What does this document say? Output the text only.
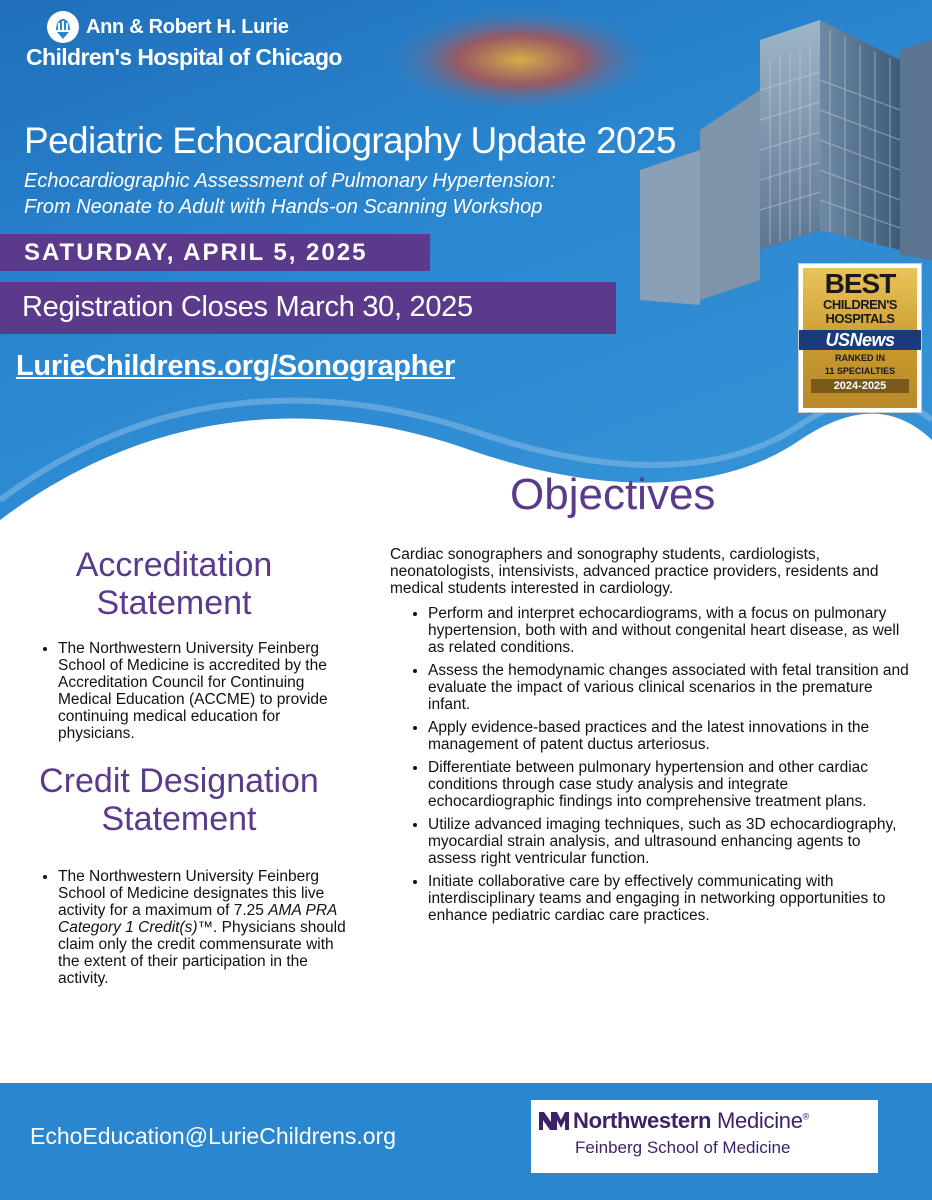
Ann & Robert H. Lurie
Children's Hospital of Chicago
Pediatric Echocardiography Update 2025
Echocardiographic Assessment of Pulmonary Hypertension:
From Neonate to Adult with Hands-on Scanning Workshop
SATURDAY, APRIL 5, 2025
Registration Closes March 30, 2025
LurieChildrens.org/Sonographer
BEST
CHILDREN'S
HOSPITALS
USNews
RANKED IN
11 SPECIALTIES
2024-2025
Objectives
Accreditation Statement
• The Northwestern University Feinberg School of Medicine is accredited by the Accreditation Council for Continuing Medical Education (ACCME) to provide continuing medical education for physicians.
Credit Designation Statement
• The Northwestern University Feinberg School of Medicine designates this live activity for a maximum of 7.25 AMA PRA Category 1 Credit(s)™. Physicians should claim only the credit commensurate with the extent of their participation in the activity.
Cardiac sonographers and sonography students, cardiologists, neonatologists, intensivists, advanced practice providers, residents and medical students interested in cardiology.
• Perform and interpret echocardiograms, with a focus on pulmonary hypertension, both with and without congenital heart disease, as well as related conditions.
• Assess the hemodynamic changes associated with fetal transition and evaluate the impact of various clinical scenarios in the premature infant.
• Apply evidence-based practices and the latest innovations in the management of patent ductus arteriosus.
• Differentiate between pulmonary hypertension and other cardiac conditions through case study analysis and integrate echocardiographic findings into comprehensive treatment plans.
• Utilize advanced imaging techniques, such as 3D echocardiography, myocardial strain analysis, and ultrasound enhancing agents to assess right ventricular function.
• Initiate collaborative care by effectively communicating with interdisciplinary teams and engaging in networking opportunities to enhance pediatric cardiac care practices.
EchoEducation@LurieChildrens.org
Northwestern Medicine®
Feinberg School of Medicine
